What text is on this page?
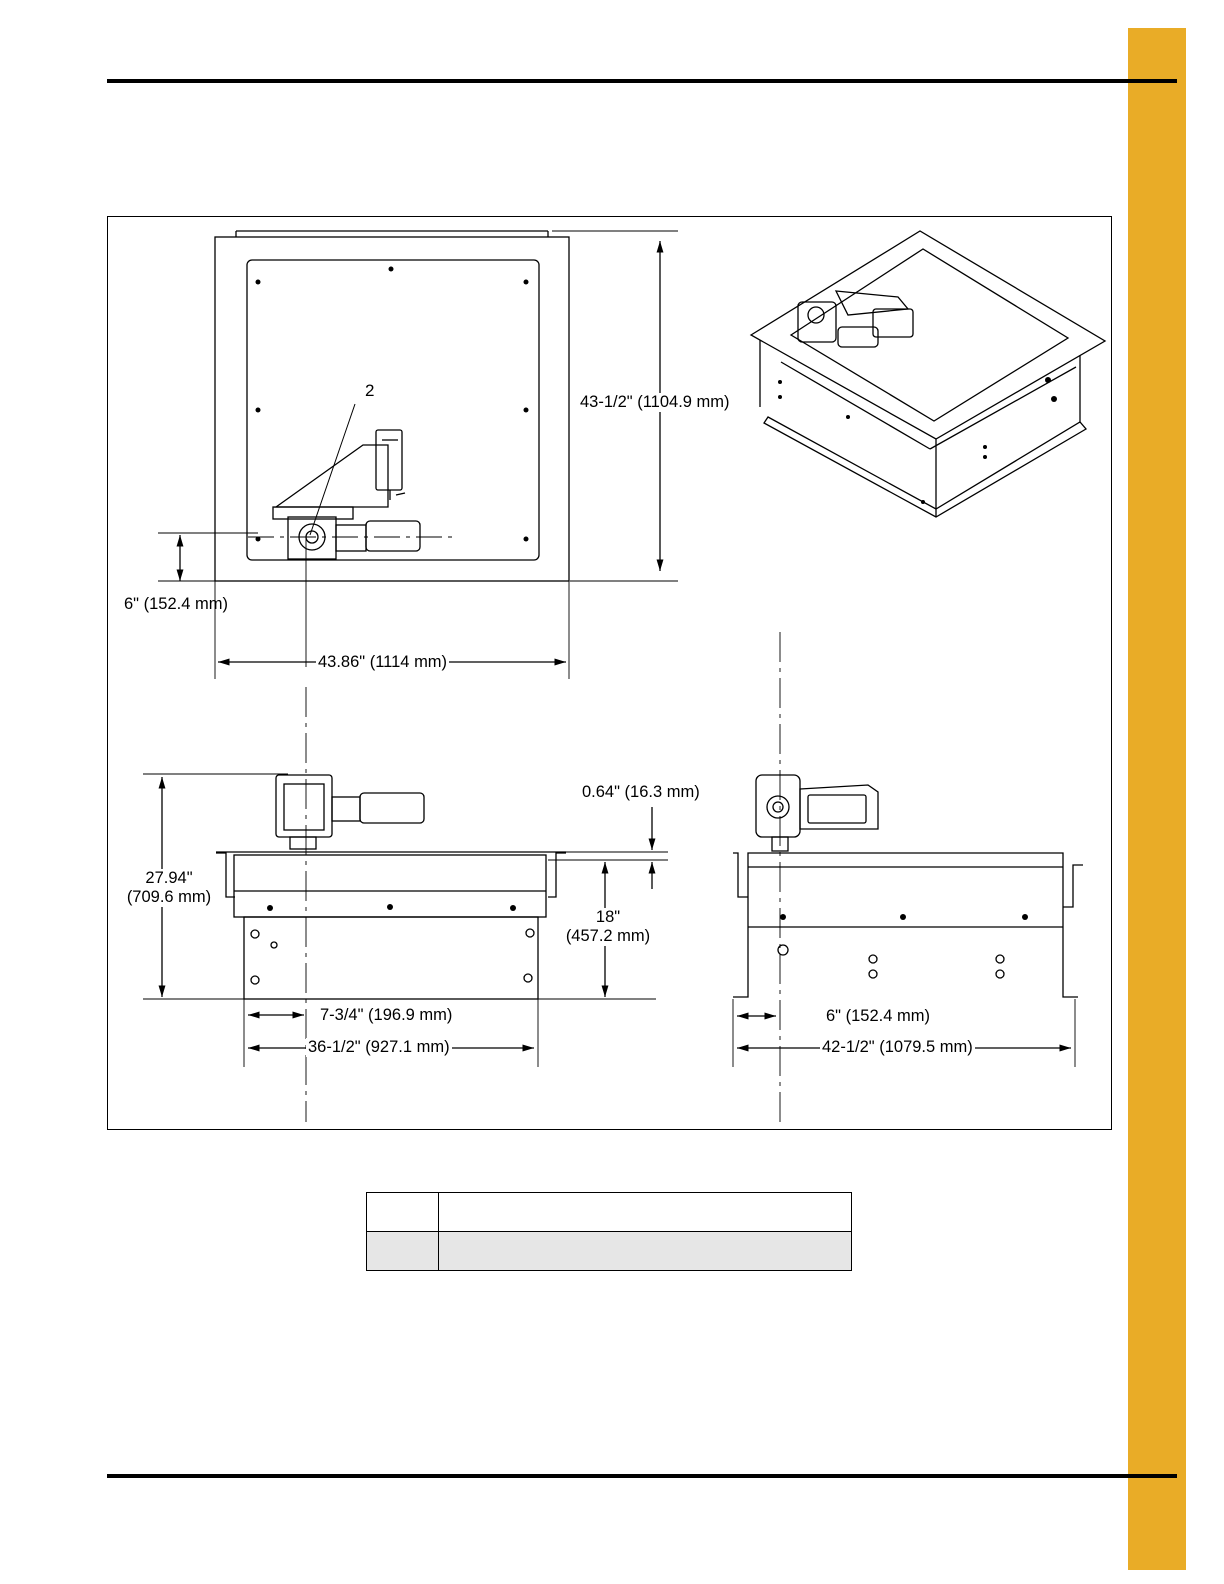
2
43-1/2" (1104.9 mm)
6" (152.4 mm)
43.86" (1114 mm)
0.64" (16.3 mm)
27.94"
(709.6 mm)
18"
(457.2 mm)
7-3/4" (196.9 mm)
36-1/2" (927.1 mm)
6" (152.4 mm)
42-1/2" (1079.5 mm)
